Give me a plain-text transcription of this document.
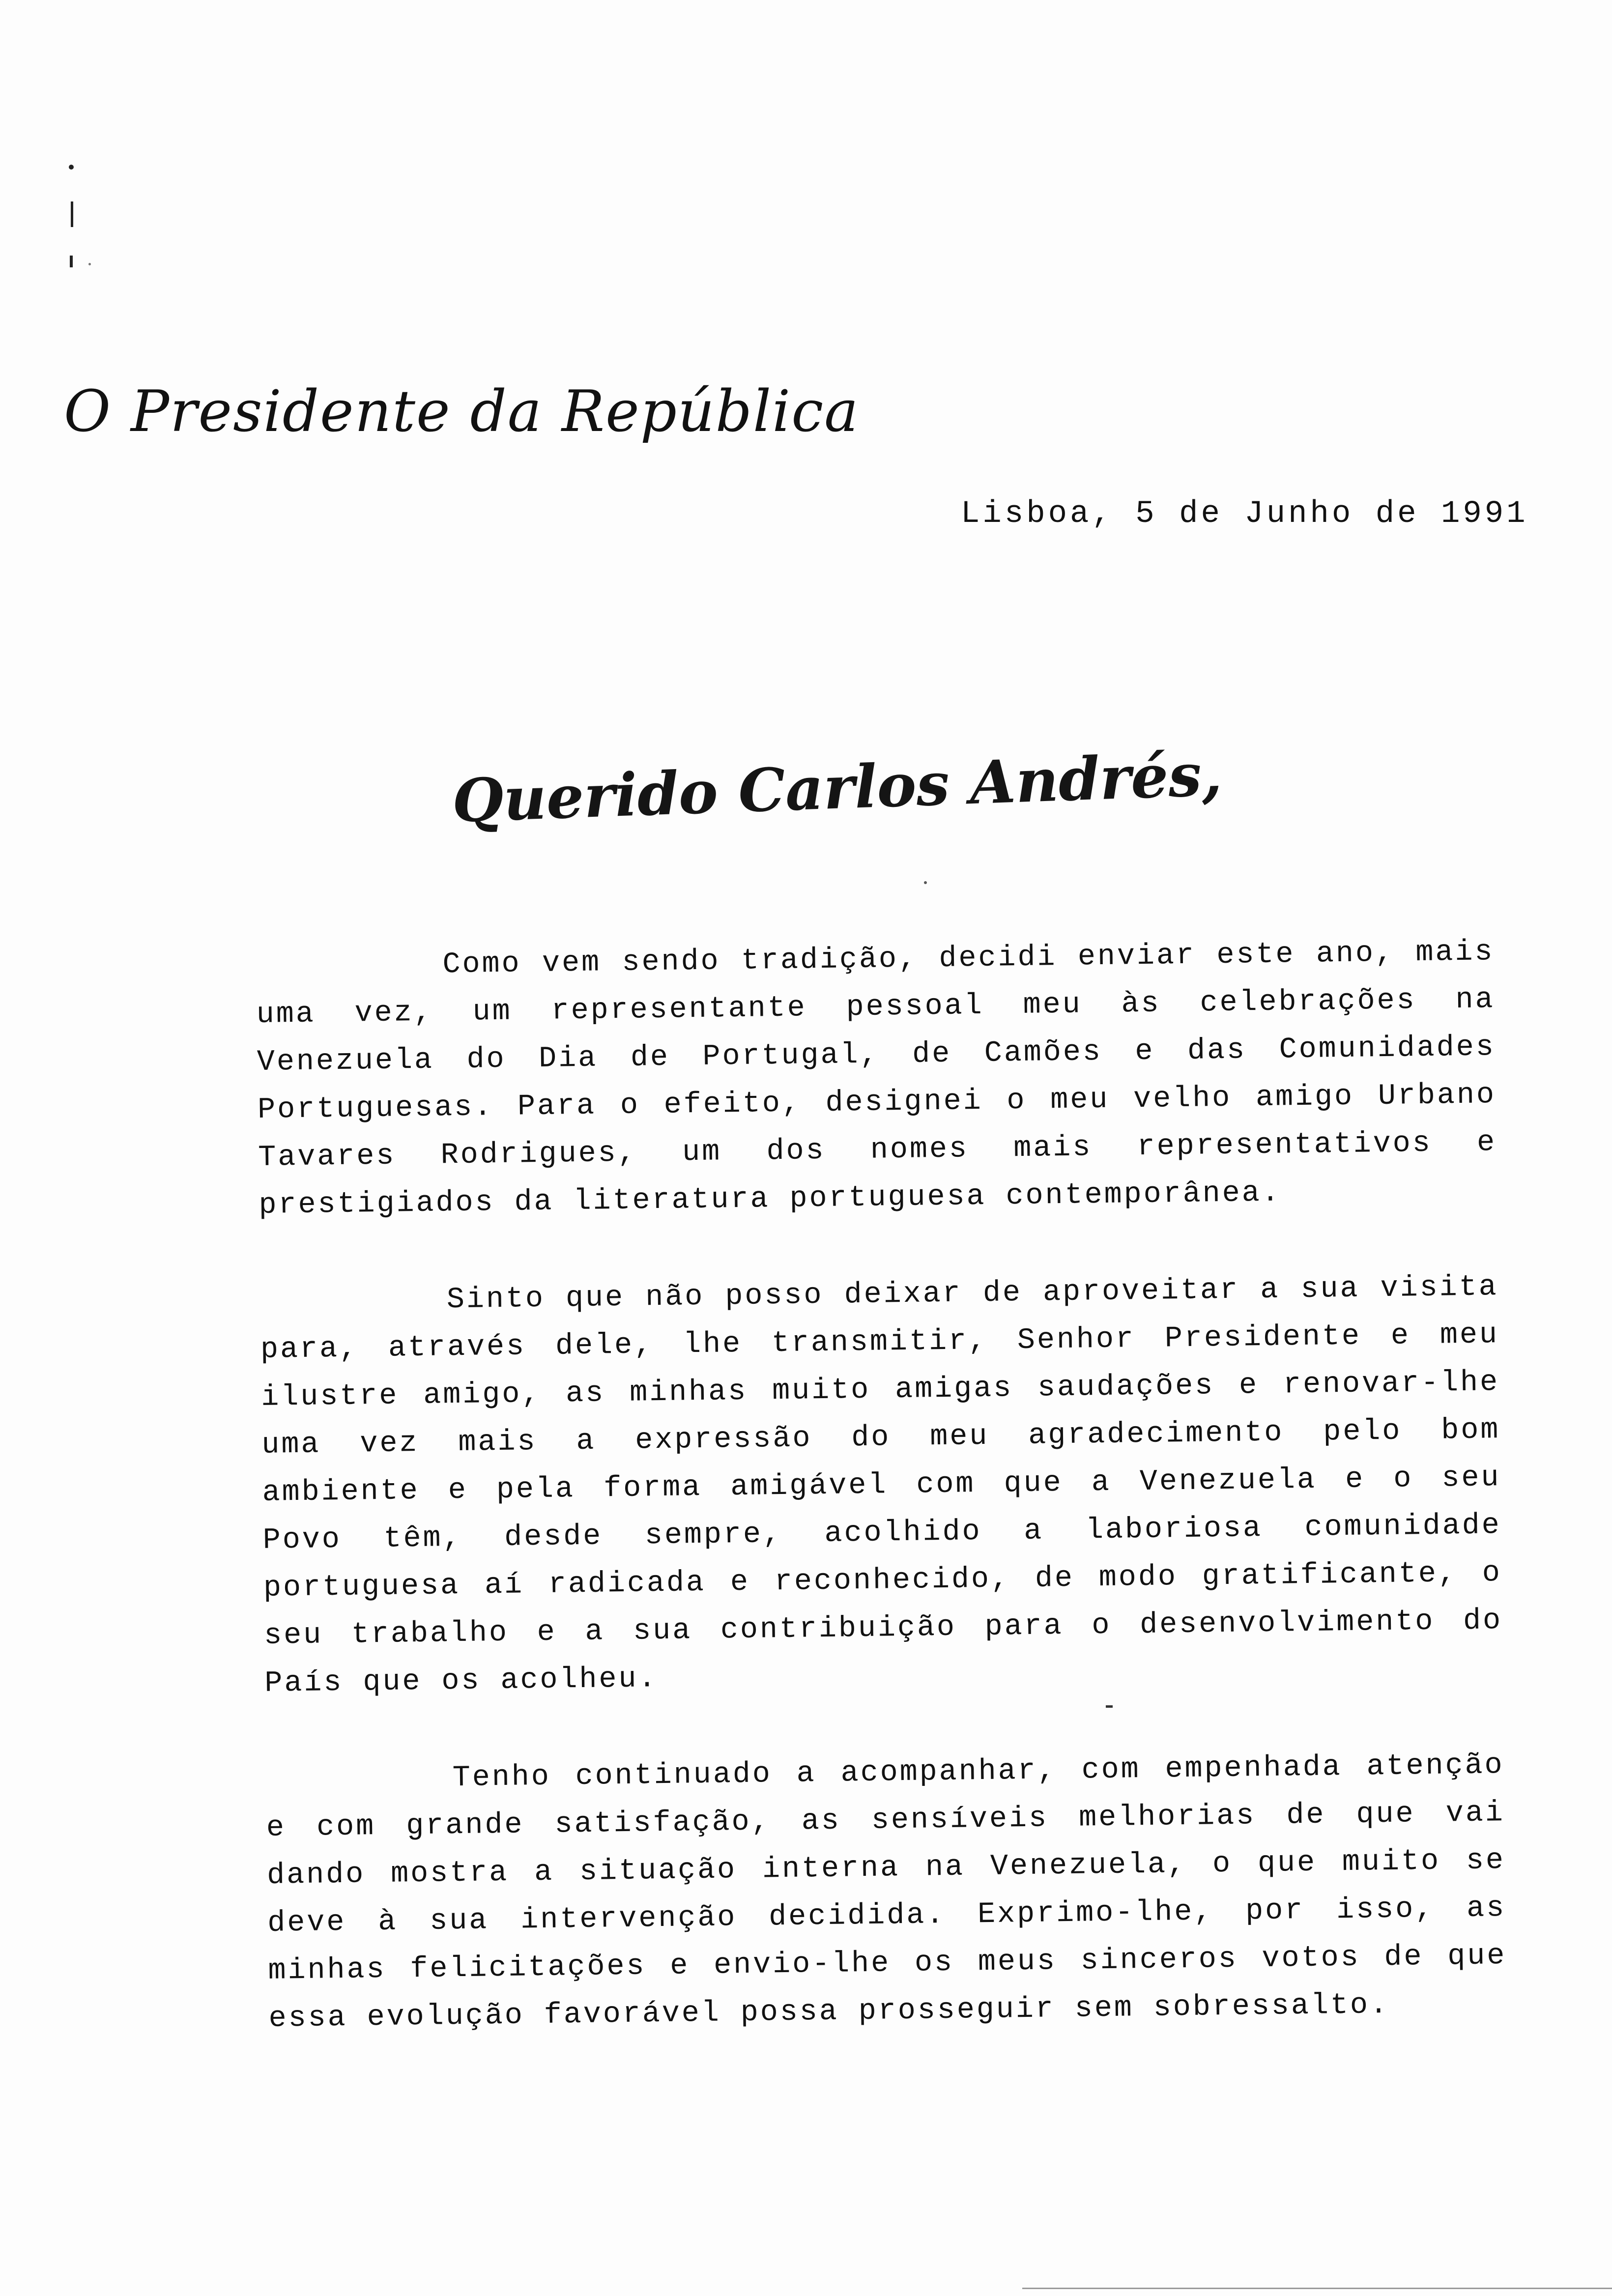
O Presidente da República
Lisboa, 5 de Junho de 1991
Querido Carlos Andrés,

Como vem sendo tradição, decidi enviar este ano, mais uma vez, um representante pessoal meu às celebrações na Venezuela do Dia de Portugal, de Camões e das Comunidades Portuguesas. Para o efeito, designei o meu velho amigo Urbano Tavares Rodrigues, um dos nomes mais representativos e prestigiados da literatura portuguesa contemporânea.

Sinto que não posso deixar de aproveitar a sua visita para, através dele, lhe transmitir, Senhor Presidente e meu ilustre amigo, as minhas muito amigas saudações e renovar-lhe uma vez mais a expressão do meu agradecimento pelo bom ambiente e pela forma amigável com que a Venezuela e o seu Povo têm, desde sempre, acolhido a laboriosa comunidade portuguesa aí radicada e reconhecido, de modo gratificante, o seu trabalho e a sua contribuição para o desenvolvimento do País que os acolheu.

Tenho continuado a acompanhar, com empenhada atenção e com grande satisfação, as sensíveis melhorias de que vai dando mostra a situação interna na Venezuela, o que muito se deve à sua intervenção decidida. Exprimo-lhe, por isso, as minhas felicitações e envio-lhe os meus sinceros votos de que essa evolução favorável possa prosseguir sem sobressalto.
